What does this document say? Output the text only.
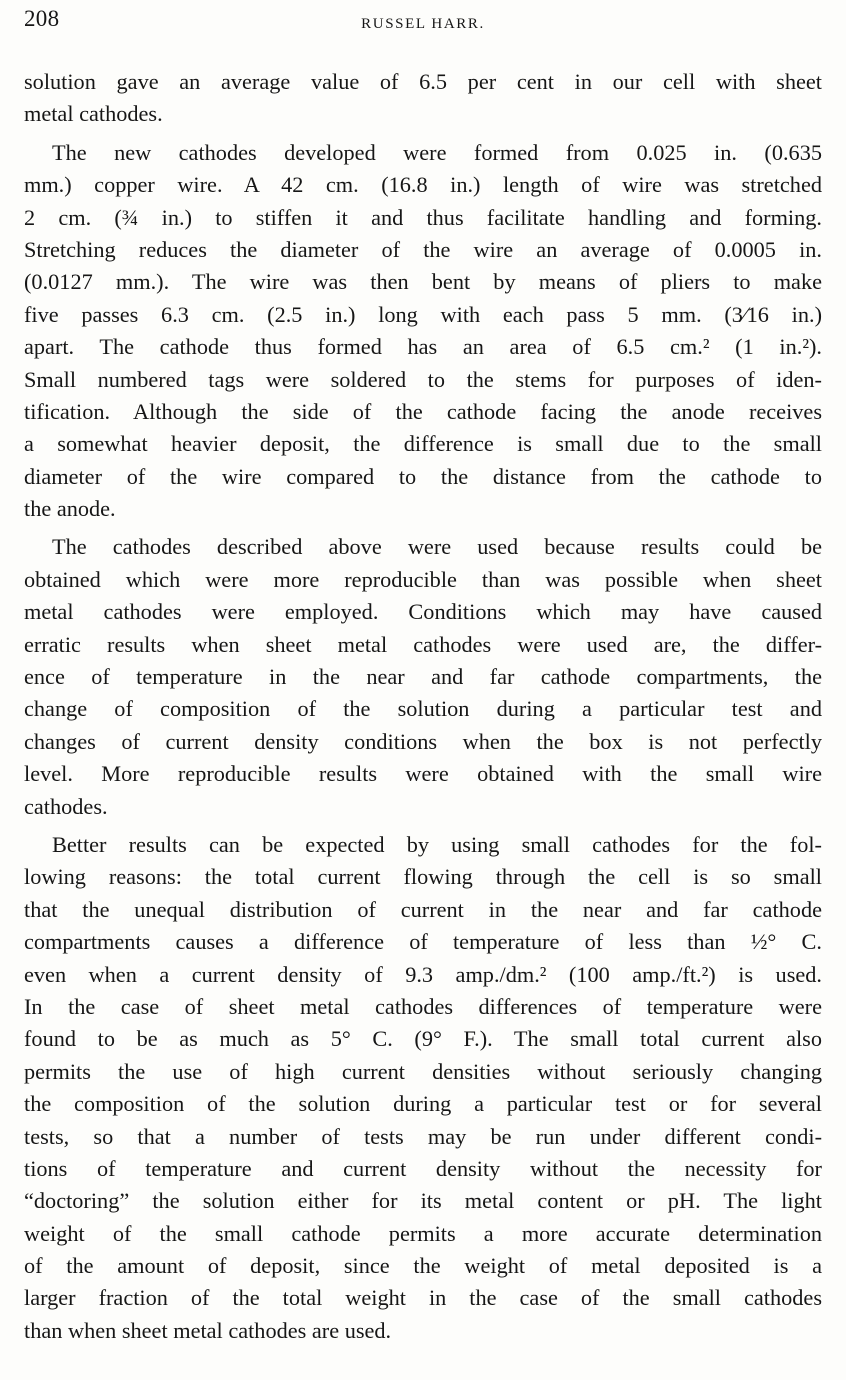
208	RUSSEL HARR.
solution gave an average value of 6.5 per cent in our cell with sheet
metal cathodes.
The new cathodes developed were formed from 0.025 in. (0.635
mm.) copper wire. A 42 cm. (16.8 in.) length of wire was stretched
2 cm. (¾ in.) to stiffen it and thus facilitate handling and forming.
Stretching reduces the diameter of the wire an average of 0.0005 in.
(0.0127 mm.). The wire was then bent by means of pliers to make
five passes 6.3 cm. (2.5 in.) long with each pass 5 mm. (3⁄16 in.)
apart. The cathode thus formed has an area of 6.5 cm.² (1 in.²).
Small numbered tags were soldered to the stems for purposes of iden-
tification. Although the side of the cathode facing the anode receives
a somewhat heavier deposit, the difference is small due to the small
diameter of the wire compared to the distance from the cathode to
the anode.
The cathodes described above were used because results could be
obtained which were more reproducible than was possible when sheet
metal cathodes were employed. Conditions which may have caused
erratic results when sheet metal cathodes were used are, the differ-
ence of temperature in the near and far cathode compartments, the
change of composition of the solution during a particular test and
changes of current density conditions when the box is not perfectly
level. More reproducible results were obtained with the small wire
cathodes.
Better results can be expected by using small cathodes for the fol-
lowing reasons: the total current flowing through the cell is so small
that the unequal distribution of current in the near and far cathode
compartments causes a difference of temperature of less than ½° C.
even when a current density of 9.3 amp./dm.² (100 amp./ft.²) is used.
In the case of sheet metal cathodes differences of temperature were
found to be as much as 5° C. (9° F.). The small total current also
permits the use of high current densities without seriously changing
the composition of the solution during a particular test or for several
tests, so that a number of tests may be run under different condi-
tions of temperature and current density without the necessity for
“doctoring” the solution either for its metal content or pH. The light
weight of the small cathode permits a more accurate determination
of the amount of deposit, since the weight of metal deposited is a
larger fraction of the total weight in the case of the small cathodes
than when sheet metal cathodes are used.
